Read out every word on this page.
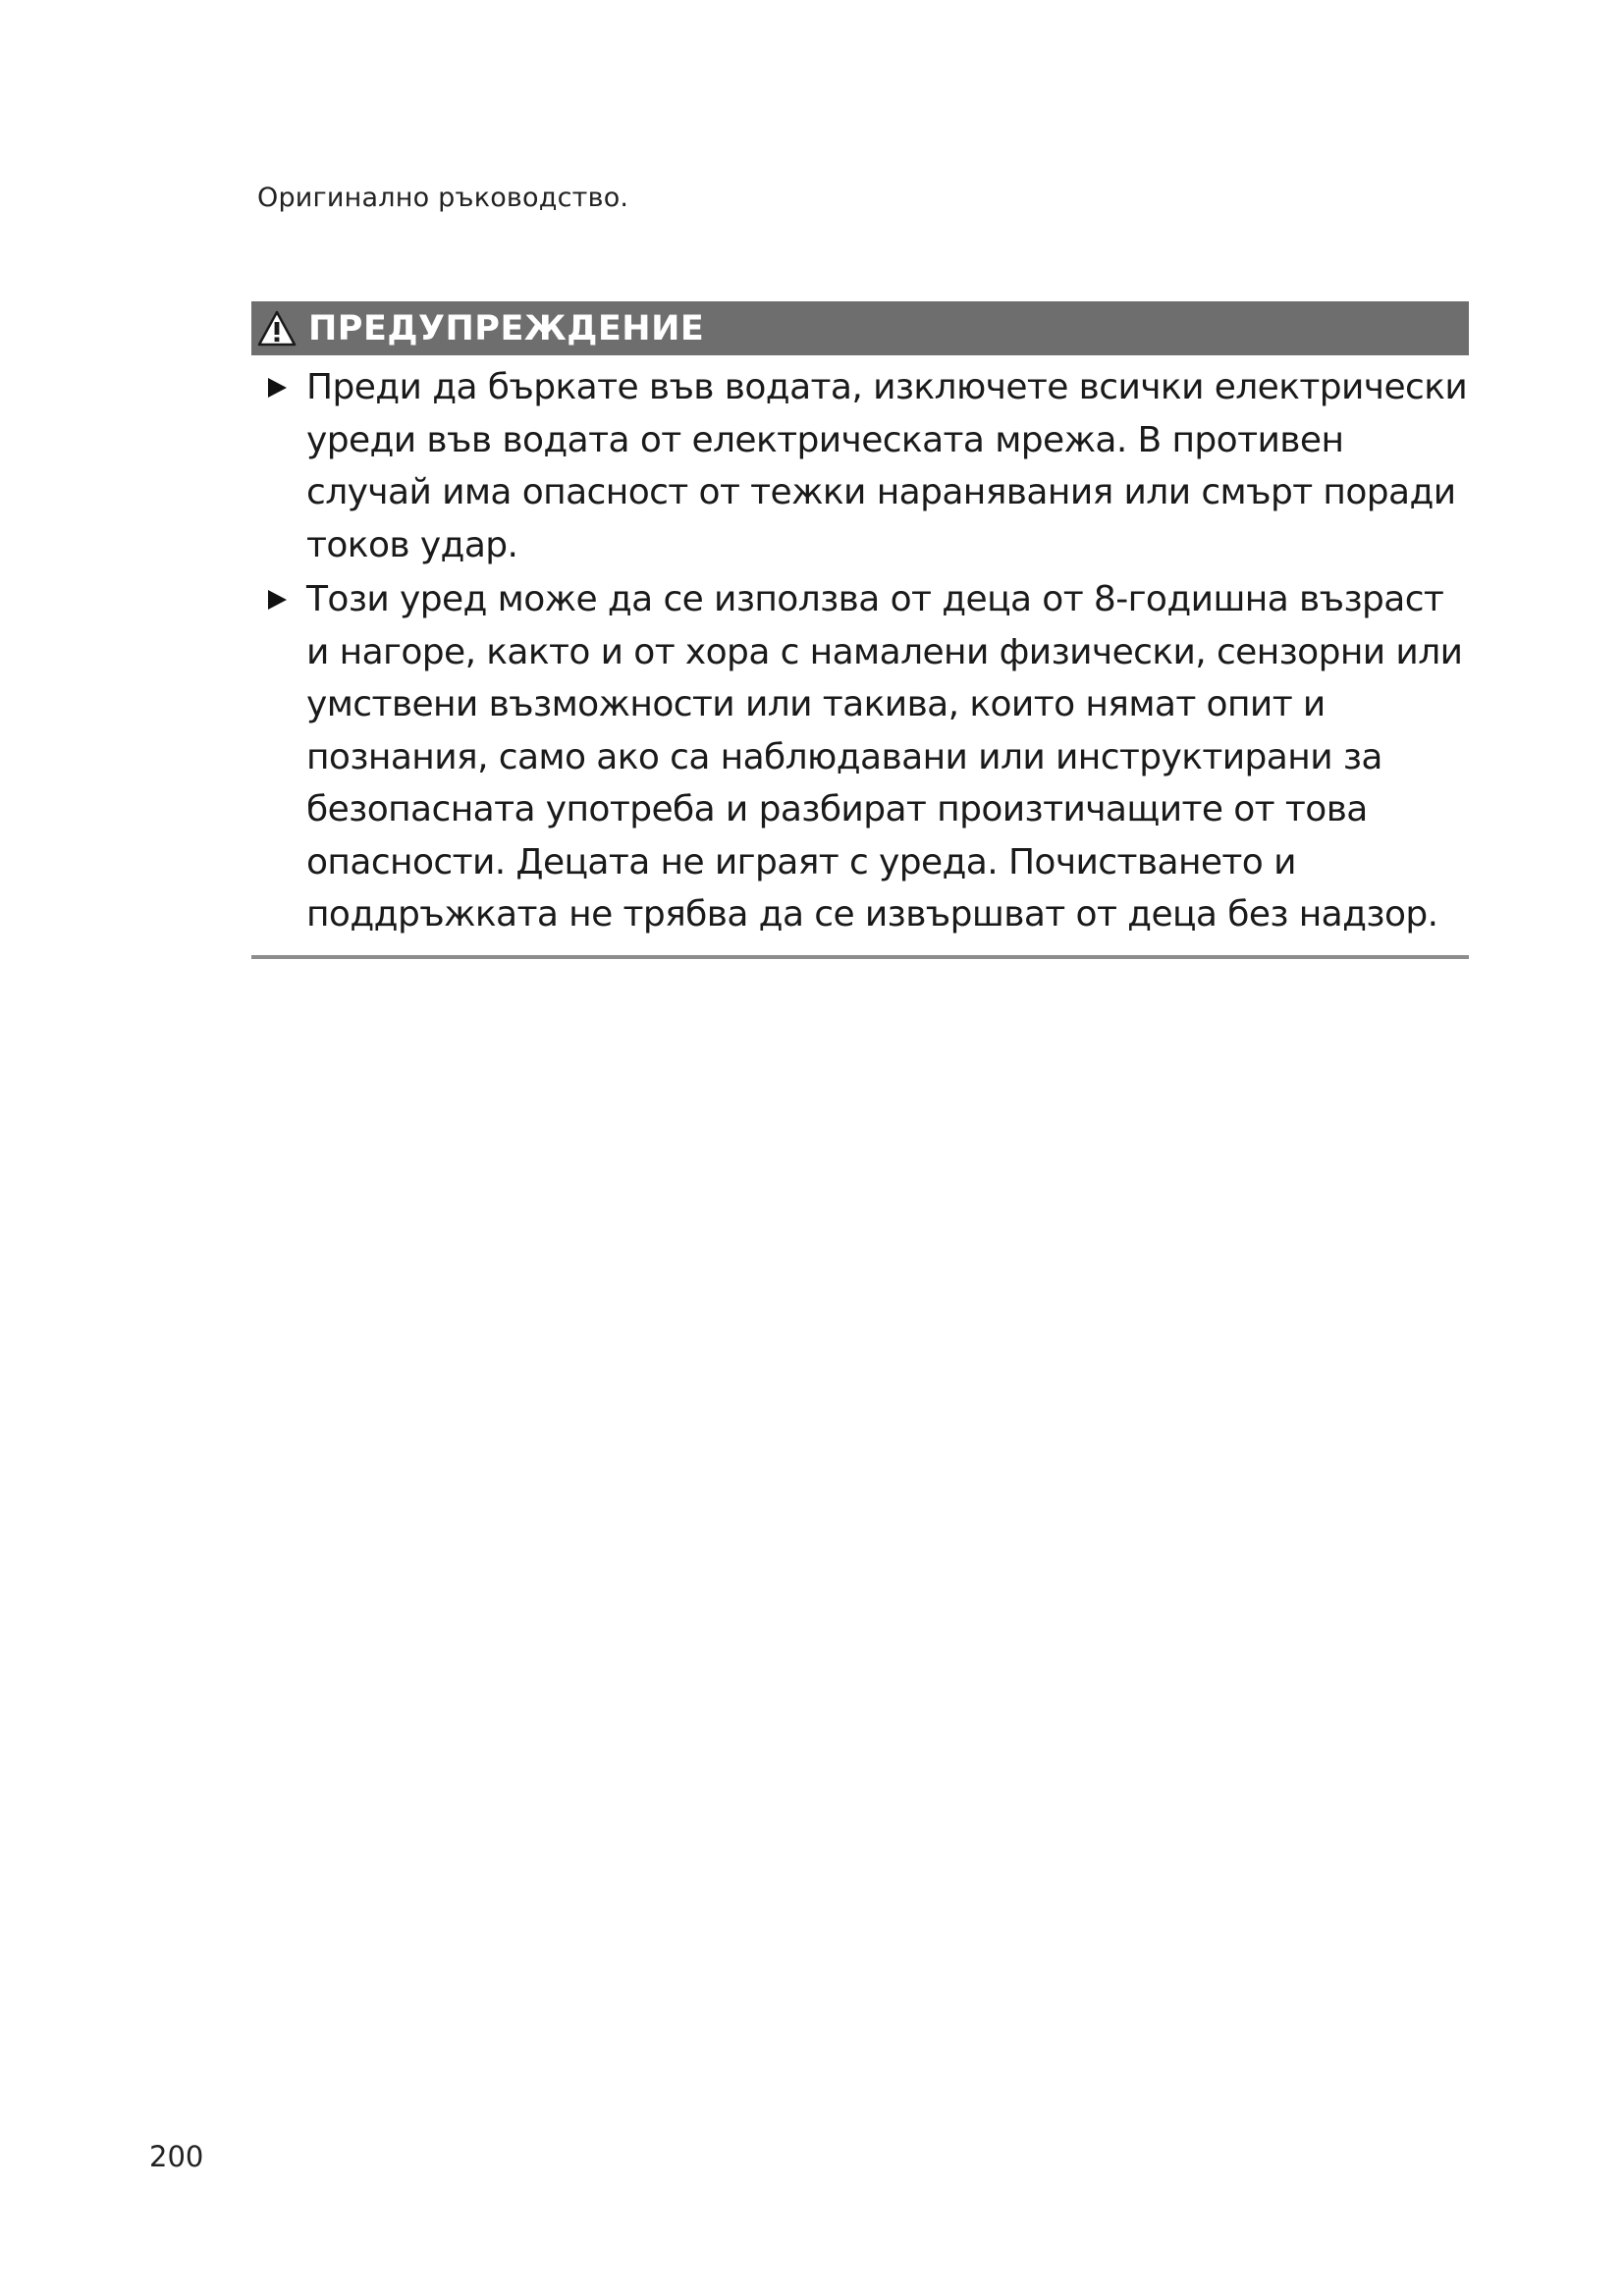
Оригинално ръководство.
ПРЕДУПРЕЖДЕНИЕ
Преди да бъркате във водата, изключете всички електрически уреди във водата от електрическата мрежа. В противен случай има опасност от тежки наранявания или смърт поради токов удар.
Този уред може да се използва от деца от 8-годишна възраст и нагоре, както и от хора с намалени физически, сензорни или умствени възможности или такива, които нямат опит и познания, само ако са наблюдавани или инструктирани за безопасната употреба и разбират произтичащите от това опасности. Децата не играят с уреда. Почистването и поддръжката не трябва да се извършват от деца без надзор.
200
